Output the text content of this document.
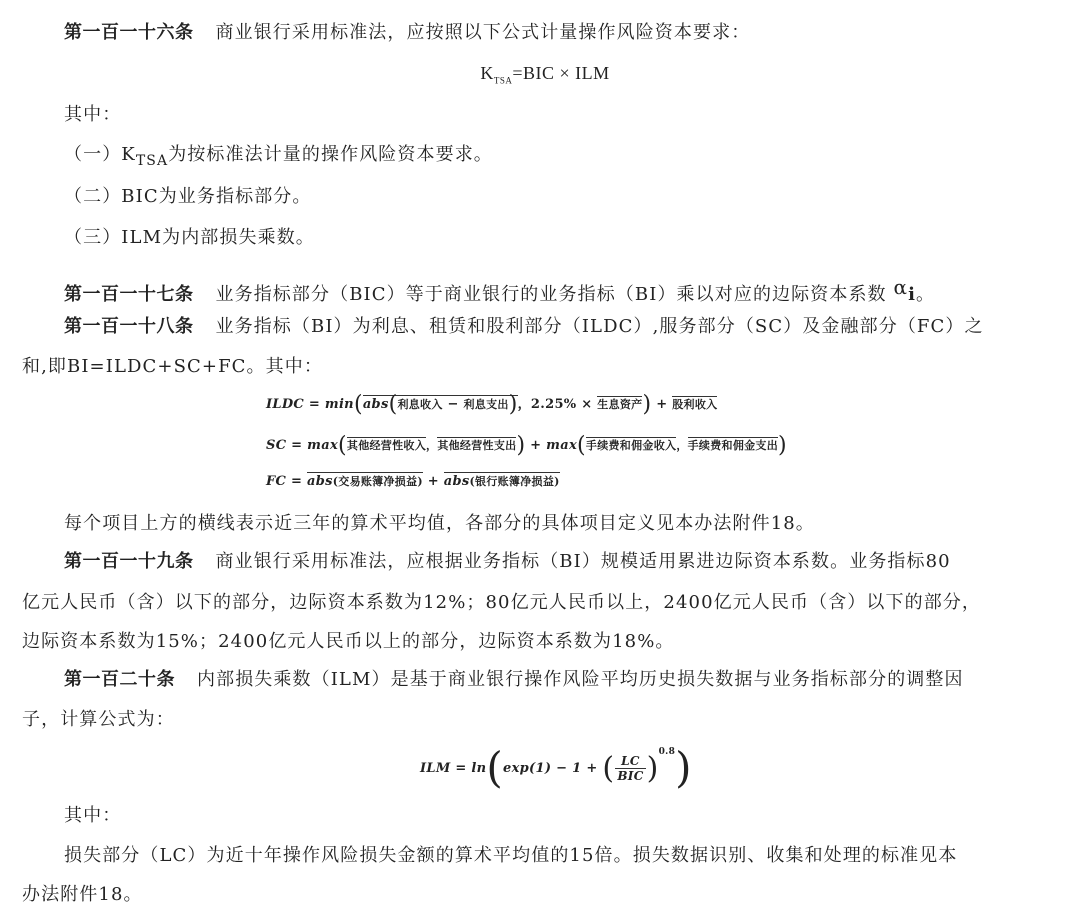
第一百一十六条 商业银行采用标准法，应按照以下公式计量操作风险资本要求：
$K_{TSA}=BIC$ × ILM
其中：
（一）$K_{TSA}$为按标准法计量的操作风险资本要求。
（二）BIC为业务指标部分。
（三）ILM为内部损失乘数。
第一百一十七条 业务指标部分（BIC）等于商业银行的业务指标（BI）乘以对应的边际资本系数 αi。
第一百一十八条 业务指标（BI）为利息、租赁和股利部分（ILDC）,服务部分（SC）及金融部分（FC）之
和,即BI=ILDC+SC+FC。其中：
ILDC = min(abs(利息收入 − 利息支出)，2.25% × 生息资产) + 股利收入
SC = max(其他经营性收入，其他经营性支出) + max(手续费和佣金收入，手续费和佣金支出)
FC = abs(交易账簿净损益) + abs(银行账簿净损益)
每个项目上方的横线表示近三年的算术平均值，各部分的具体项目定义见本办法附件18。
第一百一十九条 商业银行采用标准法，应根据业务指标（BI）规模适用累进边际资本系数。业务指标80
亿元人民币（含）以下的部分，边际资本系数为12%；80亿元人民币以上，2400亿元人民币（含）以下的部分，
边际资本系数为15%；2400亿元人民币以上的部分，边际资本系数为18%。
第一百二十条 内部损失乘数（ILM）是基于商业银行操作风险平均历史损失数据与业务指标部分的调整因
子，计算公式为：
ILM = ln(exp(1) − 1 + ( $\frac{LC}{\text{BIC}} )^{0.8}$)
其中：
损失部分（LC）为近十年操作风险损失金额的算术平均值的15倍。损失数据识别、收集和处理的标准见本
办法附件18。
